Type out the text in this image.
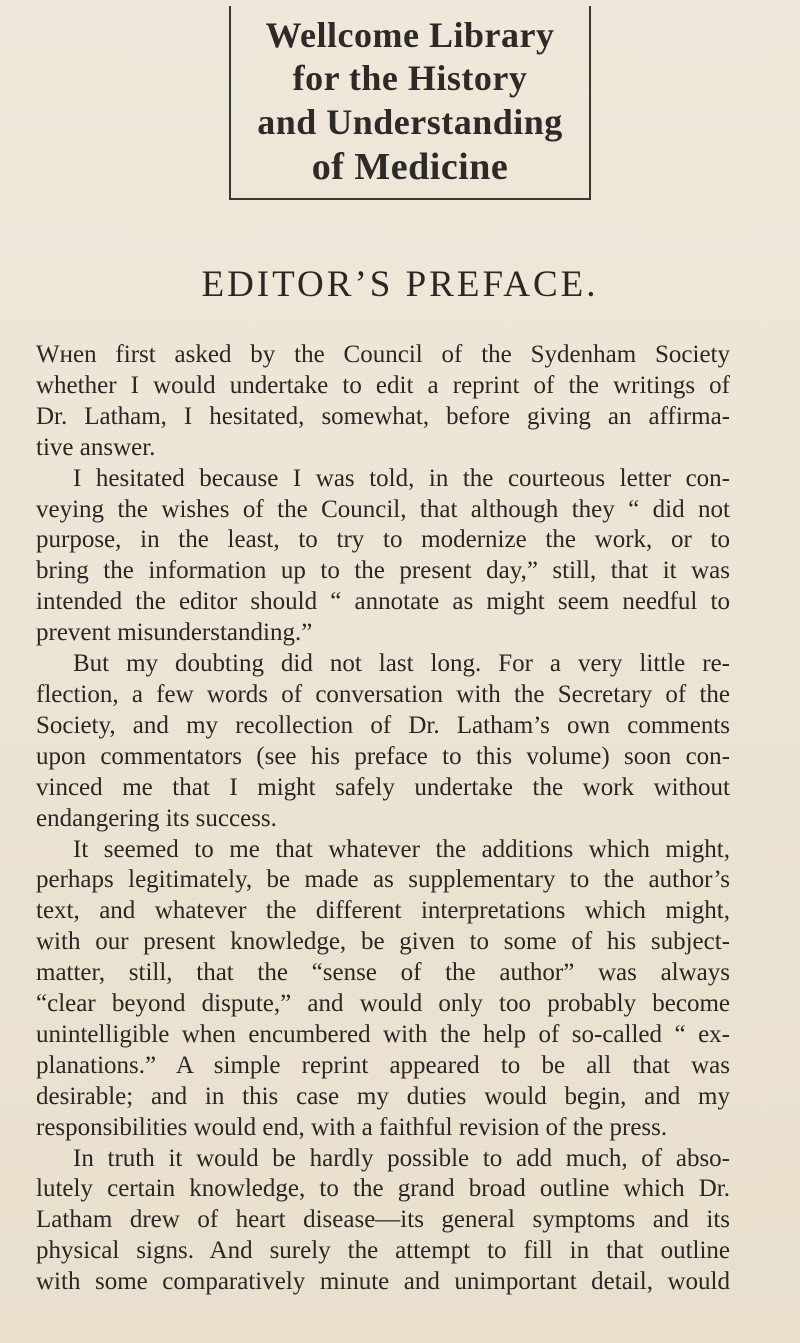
Wellcome Library
for the History
and Understanding
of Medicine
EDITOR’S PREFACE.
Wнen first asked by the Council of the Sydenham Society
whether I would undertake to edit a reprint of the writings of
Dr. Latham, I hesitated, somewhat, before giving an affirma-
tive answer.
I hesitated because I was told, in the courteous letter con-
veying the wishes of the Council, that although they “ did not
purpose, in the least, to try to modernize the work, or to
bring the information up to the present day,” still, that it was
intended the editor should “ annotate as might seem needful to
prevent misunderstanding.”
But my doubting did not last long. For a very little re-
flection, a few words of conversation with the Secretary of the
Society, and my recollection of Dr. Latham’s own comments
upon commentators (see his preface to this volume) soon con-
vinced me that I might safely undertake the work without
endangering its success.
It seemed to me that whatever the additions which might,
perhaps legitimately, be made as supplementary to the author’s
text, and whatever the different interpretations which might,
with our present knowledge, be given to some of his subject-
matter, still, that the “sense of the author” was always
“clear beyond dispute,” and would only too probably become
unintelligible when encumbered with the help of so-called “ ex-
planations.” A simple reprint appeared to be all that was
desirable; and in this case my duties would begin, and my
responsibilities would end, with a faithful revision of the press.
In truth it would be hardly possible to add much, of abso-
lutely certain knowledge, to the grand broad outline which Dr.
Latham drew of heart disease—its general symptoms and its
physical signs. And surely the attempt to fill in that outline
with some comparatively minute and unimportant detail, would
